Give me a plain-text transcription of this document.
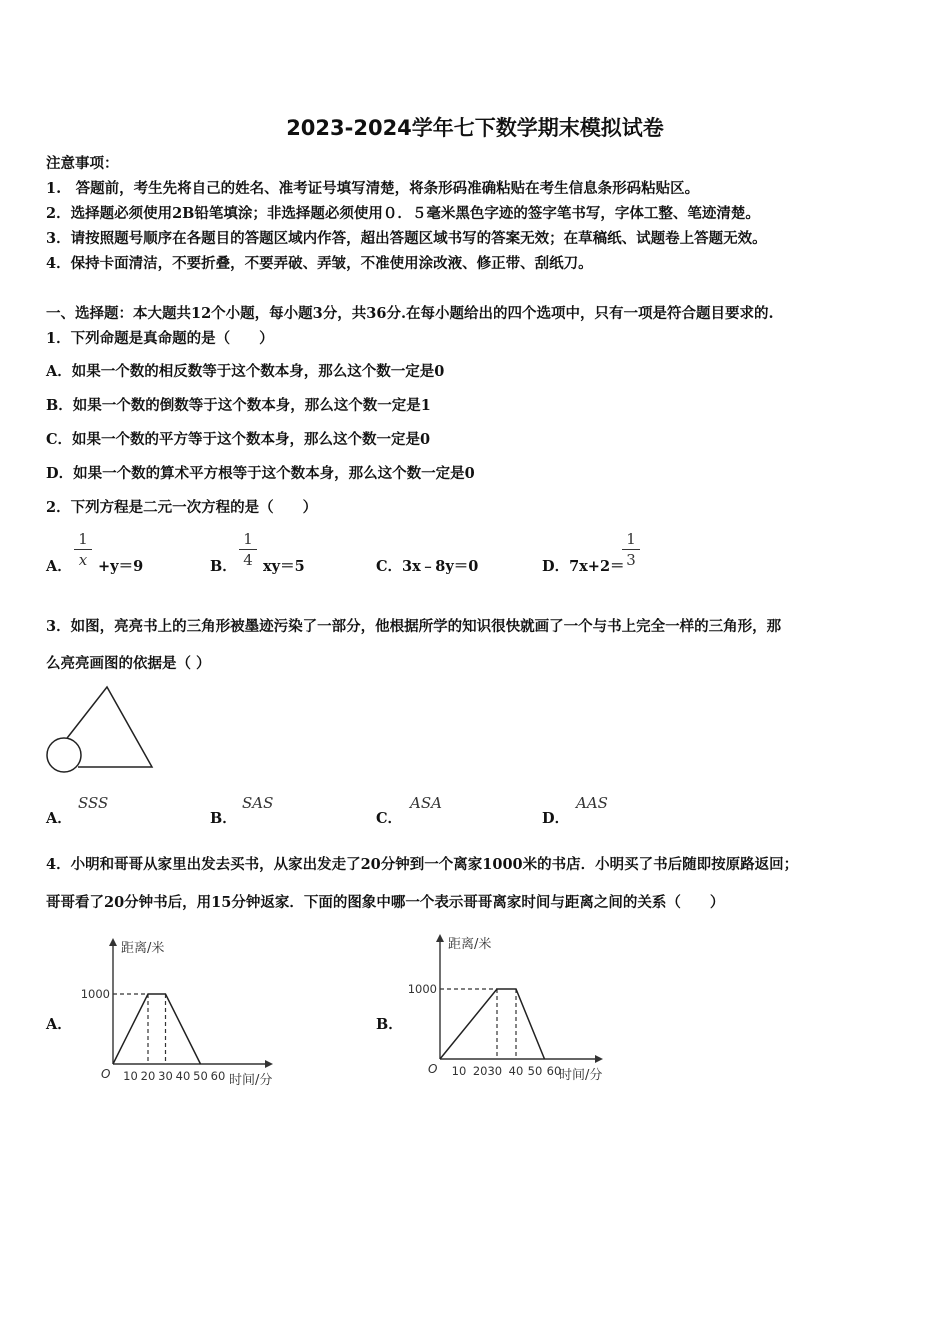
2023-2024学年七下数学期末模拟试卷
注意事项：
1.　答题前，考生先将自己的姓名、准考证号填写清楚，将条形码准确粘贴在考生信息条形码粘贴区。
2．选择题必须使用2B铅笔填涂；非选择题必须使用０．５毫米黑色字迹的签字笔书写，字体工整、笔迹清楚。
3．请按照题号顺序在各题目的答题区域内作答，超出答题区域书写的答案无效；在草稿纸、试题卷上答题无效。
4．保持卡面清洁，不要折叠，不要弄破、弄皱，不准使用涂改液、修正带、刮纸刀。
一、选择题：本大题共12个小题，每小题3分，共36分.在每小题给出的四个选项中，只有一项是符合题目要求的.
1．下列命题是真命题的是（　　）
A．如果一个数的相反数等于这个数本身，那么这个数一定是0
B．如果一个数的倒数等于这个数本身，那么这个数一定是1
C．如果一个数的平方等于这个数本身，那么这个数一定是0
D．如果一个数的算术平方根等于这个数本身，那么这个数一定是0
2．下列方程是二元一次方程的是（　　）
A．
1
x +y＝9	B．
1
4 xy＝5	C．3x﹣8y＝0	D．7x+2＝
1
3
3．如图，亮亮书上的三角形被墨迹污染了一部分，他根据所学的知识很快就画了一个与书上完全一样的三角形，那
么亮亮画图的依据是（ ）
A．
SSS
B．
SAS
C．
ASA
D．
AAS
4．小明和哥哥从家里出发去买书，从家出发走了20分钟到一个离家1000米的书店．小明买了书后随即按原路返回；
哥哥看了20分钟书后，用15分钟返家．下面的图象中哪一个表示哥哥离家时间与距离之间的关系（　　）
A．	B．
距离/米
时间/分
O 10 20 30 40 50 60
1000
距离/米
时间/分
O 10 2030 40 50 60
1000
